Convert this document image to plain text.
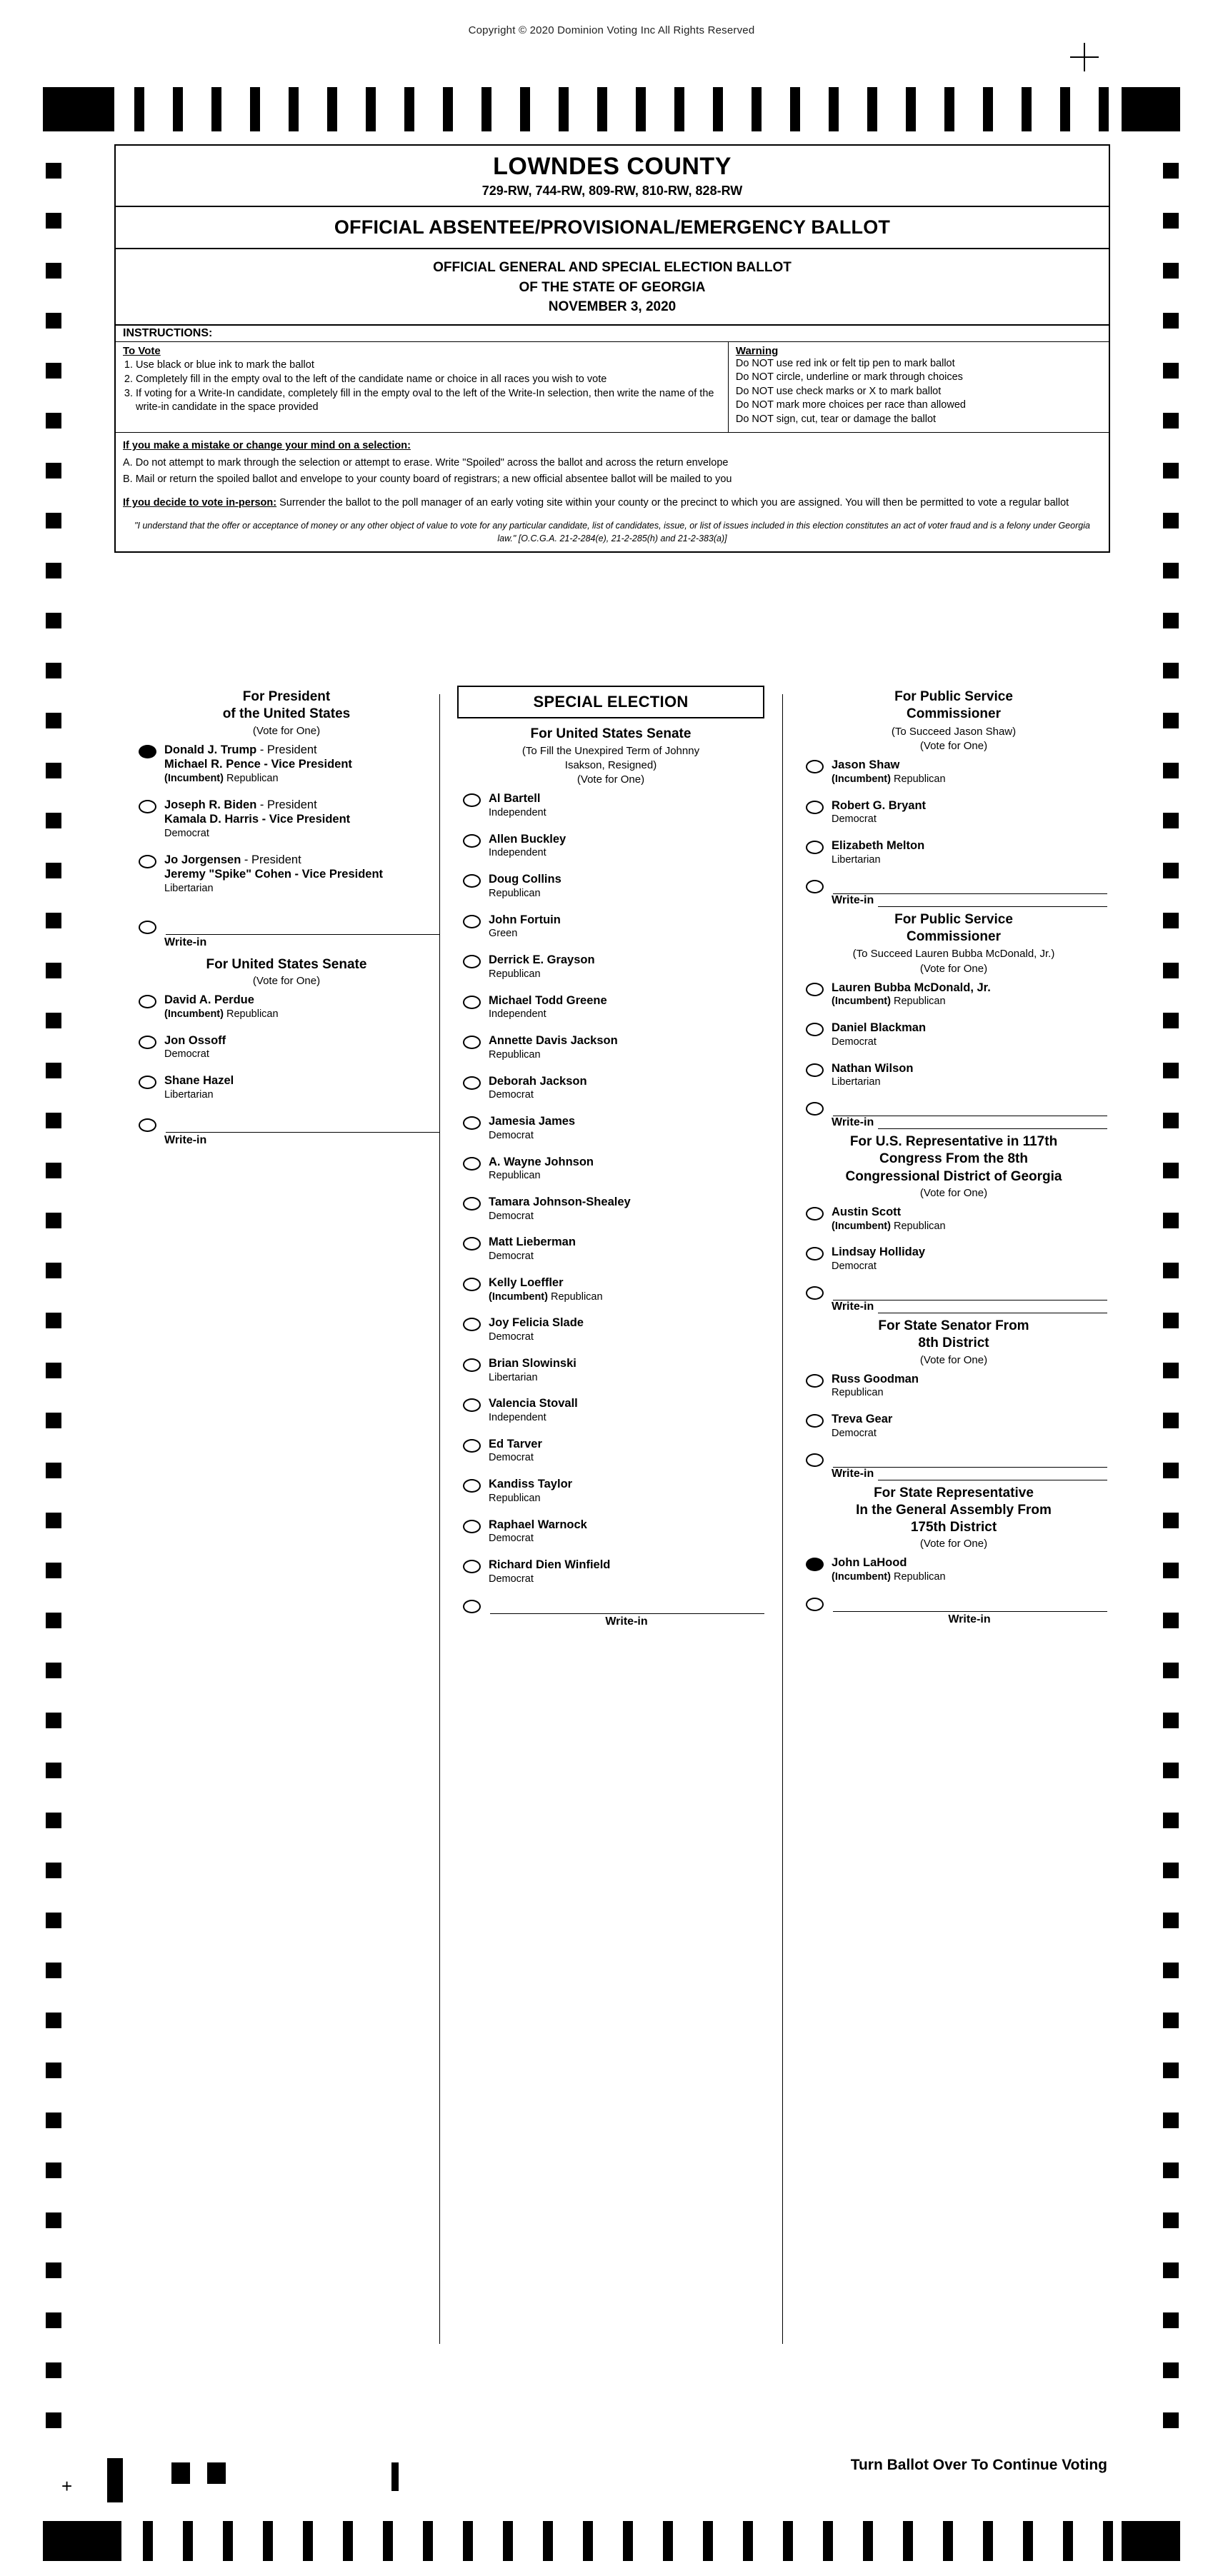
Copyright © 2020 Dominion Voting Inc All Rights Reserved
LOWNDES COUNTY
729-RW, 744-RW, 809-RW, 810-RW, 828-RW
OFFICIAL ABSENTEE/PROVISIONAL/EMERGENCY BALLOT
OFFICIAL GENERAL AND SPECIAL ELECTION BALLOT
OF THE STATE OF GEORGIA
NOVEMBER 3, 2020
INSTRUCTIONS:
To Vote
1. Use black or blue ink to mark the ballot
2. Completely fill in the empty oval to the left of the candidate name or choice in all races you wish to vote
3. If voting for a Write-In candidate, completely fill in the empty oval to the left of the Write-In selection, then write the name of the write-in candidate in the space provided
Warning
Do NOT use red ink or felt tip pen to mark ballot
Do NOT circle, underline or mark through choices
Do NOT use check marks or X to mark ballot
Do NOT mark more choices per race than allowed
Do NOT sign, cut, tear or damage the ballot
If you make a mistake or change your mind on a selection:

A. Do not attempt to mark through the selection or attempt to erase. Write "Spoiled" across the ballot and across the return envelope

B. Mail or return the spoiled ballot and envelope to your county board of registrars; a new official absentee ballot will be mailed to you

If you decide to vote in-person: Surrender the ballot to the poll manager of an early voting site within your county or the precinct to which you are assigned. You will then be permitted to vote a regular ballot
"I understand that the offer or acceptance of money or any other object of value to vote for any particular candidate, list of candidates, issue, or list of issues included in this election constitutes an act of voter fraud and is a felony under Georgia law." [O.C.G.A. 21-2-284(e), 21-2-285(h) and 21-2-383(a)]
For President
of the United States
(Vote for One)
Donald J. Trump - President
Michael R. Pence - Vice President
(Incumbent) Republican
Joseph R. Biden - President
Kamala D. Harris - Vice President
Democrat
Jo Jorgensen - President
Jeremy "Spike" Cohen - Vice President
Libertarian
Write-in
For United States Senate
(Vote for One)
David A. Perdue
(Incumbent) Republican
Jon Ossoff
Democrat
Shane Hazel
Libertarian
Write-in
SPECIAL ELECTION
For United States Senate
(To Fill the Unexpired Term of Johnny
Isakson, Resigned)
(Vote for One)
Al Bartell
Independent
Allen Buckley
Independent
Doug Collins
Republican
John Fortuin
Green
Derrick E. Grayson
Republican
Michael Todd Greene
Independent
Annette Davis Jackson
Republican
Deborah Jackson
Democrat
Jamesia James
Democrat
A. Wayne Johnson
Republican
Tamara Johnson-Shealey
Democrat
Matt Lieberman
Democrat
Kelly Loeffler
(Incumbent) Republican
Joy Felicia Slade
Democrat
Brian Slowinski
Libertarian
Valencia Stovall
Independent
Ed Tarver
Democrat
Kandiss Taylor
Republican
Raphael Warnock
Democrat
Richard Dien Winfield
Democrat
Write-in
For Public Service
Commissioner
(To Succeed Jason Shaw)
(Vote for One)
Jason Shaw
(Incumbent) Republican
Robert G. Bryant
Democrat
Elizabeth Melton
Libertarian
Write-in
For Public Service
Commissioner
(To Succeed Lauren Bubba McDonald, Jr.)
(Vote for One)
Lauren Bubba McDonald, Jr.
(Incumbent) Republican
Daniel Blackman
Democrat
Nathan Wilson
Libertarian
Write-in
For U.S. Representative in 117th
Congress From the 8th
Congressional District of Georgia
(Vote for One)
Austin Scott
(Incumbent) Republican
Lindsay Holliday
Democrat
Write-in
For State Senator From
8th District
(Vote for One)
Russ Goodman
Republican
Treva Gear
Democrat
Write-in
For State Representative
In the General Assembly From
175th District
(Vote for One)
John LaHood
(Incumbent) Republican
Write-in
Turn Ballot Over To Continue Voting
+
